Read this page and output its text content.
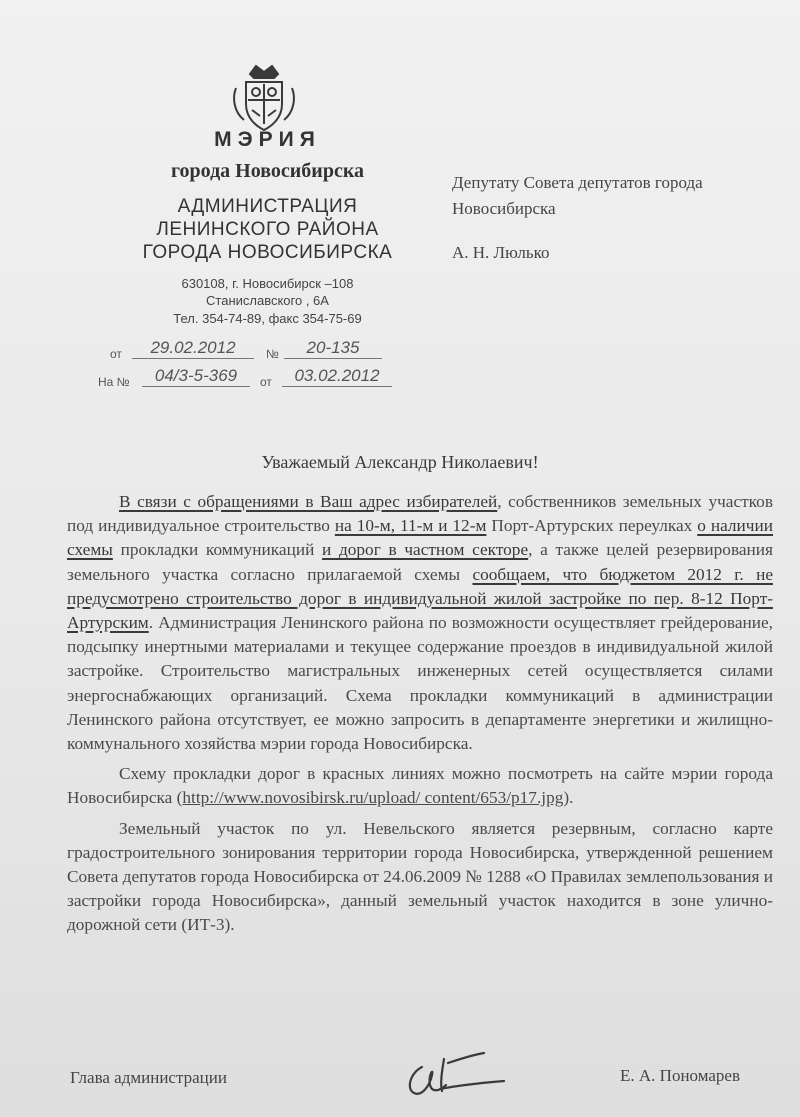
МЭРИЯ
города Новосибирска
АДМИНИСТРАЦИЯ
ЛЕНИНСКОГО РАЙОНА
ГОРОДА НОВОСИБИРСКА
630108, г. Новосибирск –108
Станиславского , 6А
Тел. 354-74-89, факс 354-75-69
от	29.02.2012	№	20-135
На №	04/3-5-369	от	03.02.2012
Депутату Совета депутатов города Новосибирска
А. Н. Люлько
Уважаемый Александр Николаевич!

В связи с обращениями в Ваш адрес избирателей, собственников земельных участков под индивидуальное строительство на 10-м, 11-м и 12-м Порт-Артурских переулках о наличии схемы прокладки коммуникаций и дорог в частном секторе, а также целей резервирования земельного участка согласно прилагаемой схемы сообщаем, что бюджетом 2012 г. не предусмотрено строительство дорог в индивидуальной жилой застройке по пер. 8-12 Порт-Артурским. Администрация Ленинского района по возможности осуществляет грейдерование, подсыпку инертными материалами и текущее содержание проездов в индивидуальной жилой застройке. Строительство магистральных инженерных сетей осуществляется силами энергоснабжающих организаций. Схема прокладки коммуникаций в администрации Ленинского района отсутствует, ее можно запросить в департаменте энергетики и жилищно-коммунального хозяйства мэрии города Новосибирска.

Схему прокладки дорог в красных линиях можно посмотреть на сайте мэрии города Новосибирска (http://www.novosibirsk.ru/upload/ content/653/p17.jpg).

Земельный участок по ул. Невельского является резервным, согласно карте градостроительного зонирования территории города Новосибирска, утвержденной решением Совета депутатов города Новосибирска от 24.06.2009 № 1288 «О Правилах землепользования и застройки города Новосибирска», данный земельный участок находится в зоне улично-дорожной сети (ИТ-3).

Глава администрации	Е. А. Пономарев
